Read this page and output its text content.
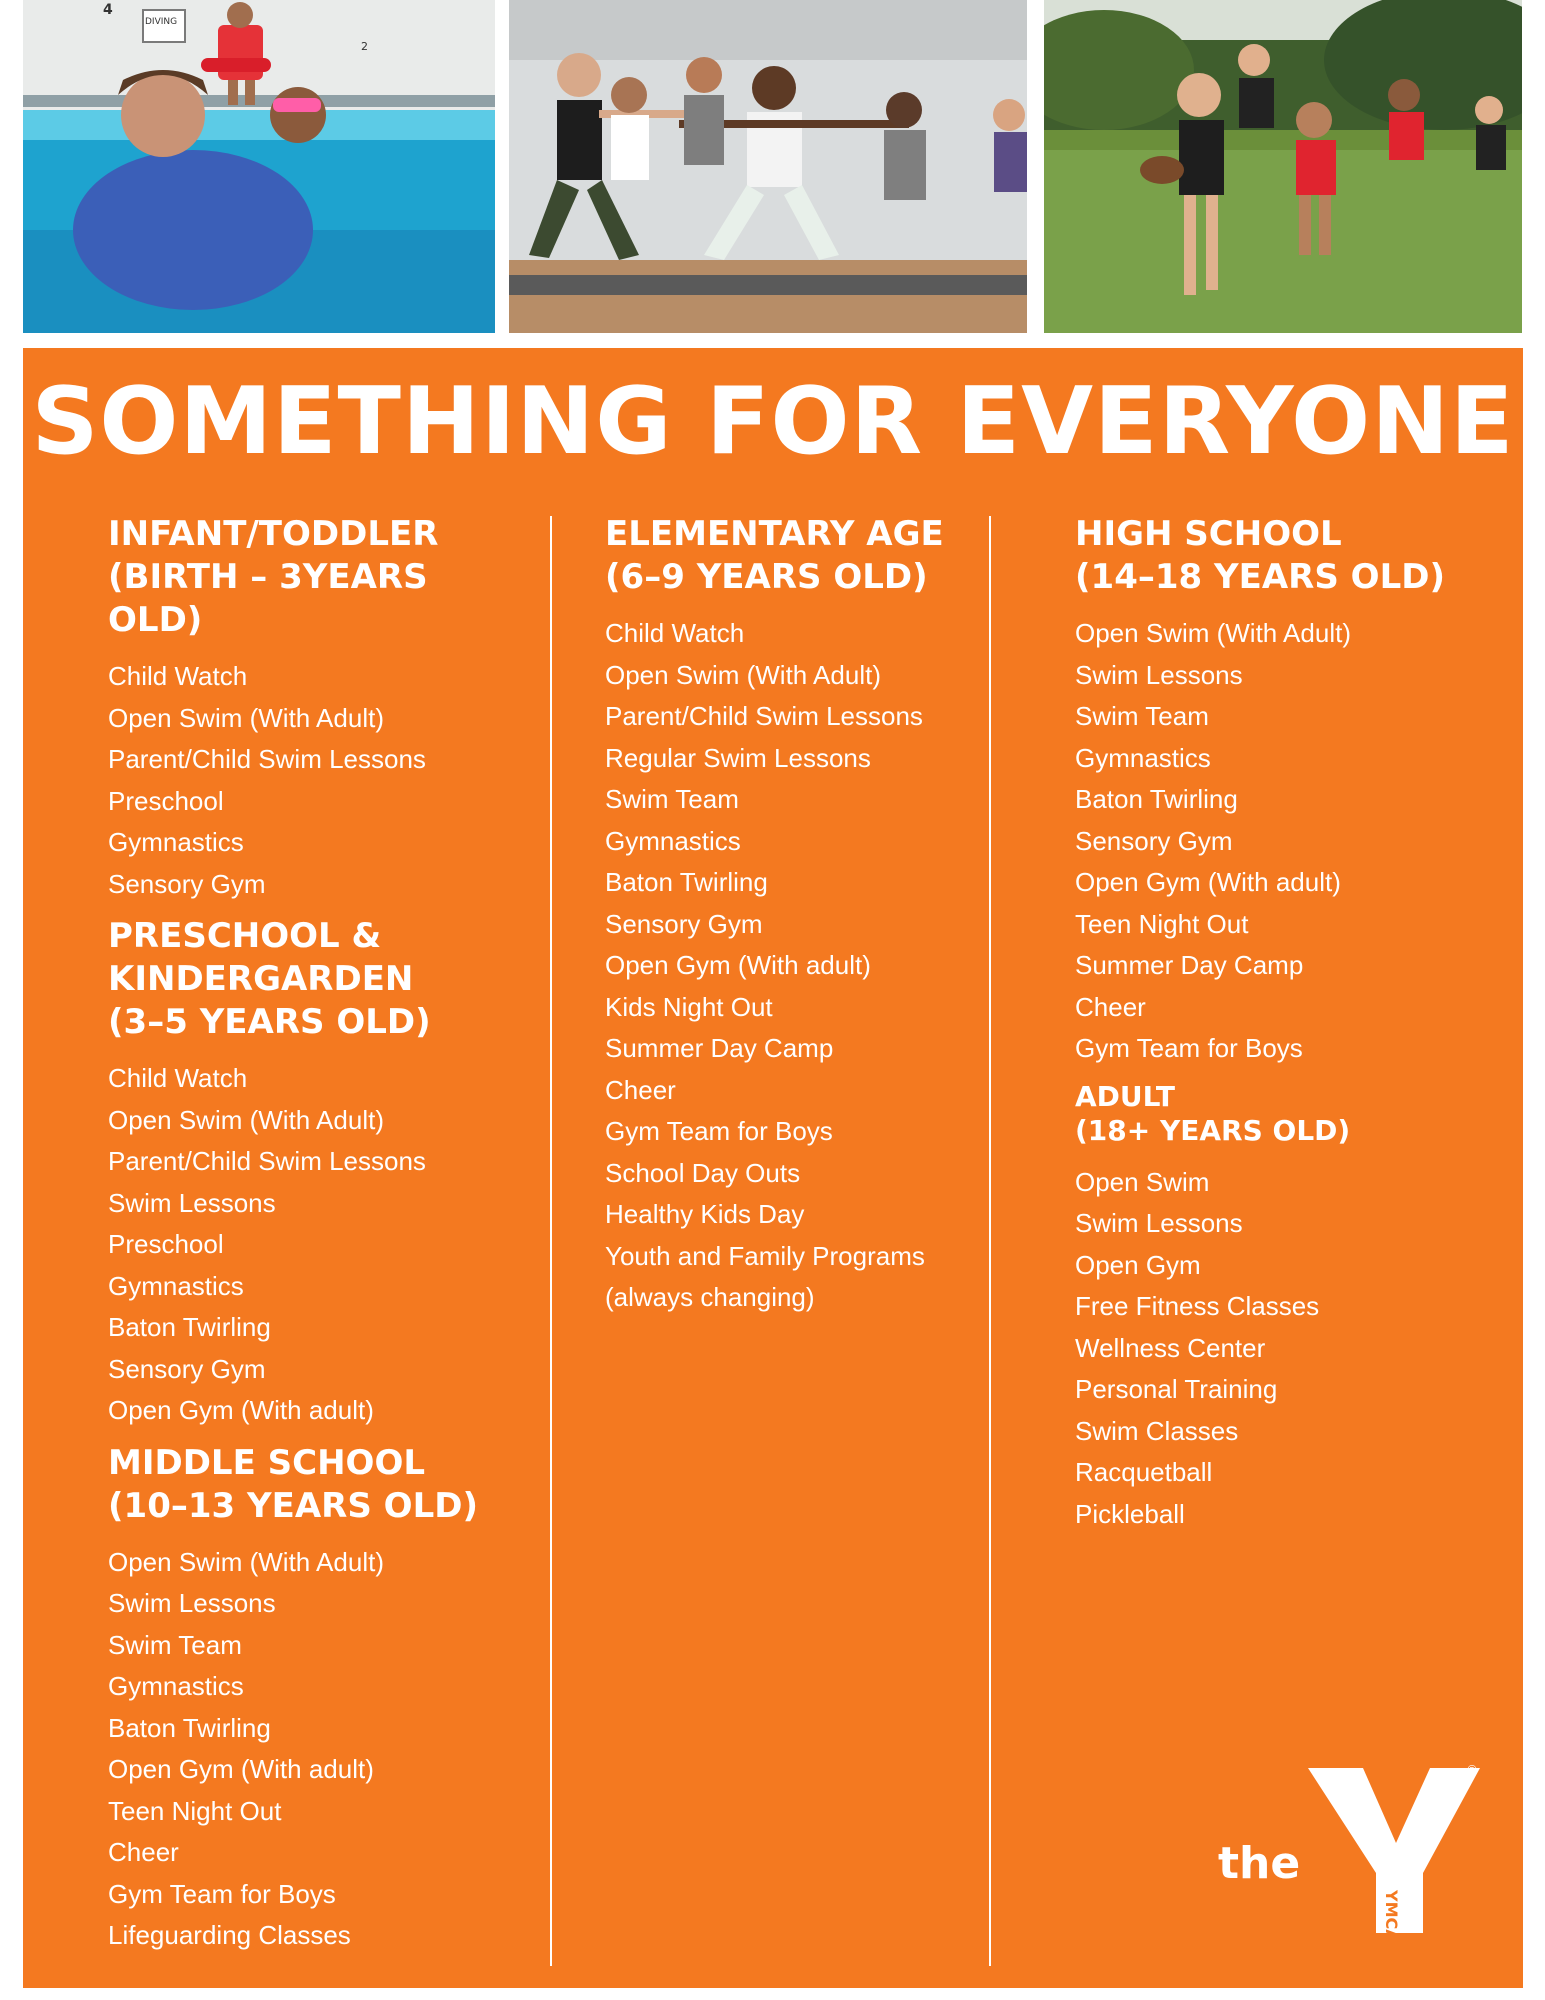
4
DIVING
2
SOMETHING FOR EVERYONE
INFANT/TODDLER
(BIRTH – 3YEARS OLD)
Child Watch
Open Swim (With Adult)
Parent/Child Swim Lessons
Preschool
Gymnastics
Sensory Gym
PRESCHOOL &
KINDERGARDEN
(3–5 YEARS OLD)
Child Watch
Open Swim (With Adult)
Parent/Child Swim Lessons
Swim Lessons
Preschool
Gymnastics
Baton Twirling
Sensory Gym
Open Gym (With adult)
MIDDLE SCHOOL
(10–13 YEARS OLD)
Open Swim (With Adult)
Swim Lessons
Swim Team
Gymnastics
Baton Twirling
Open Gym (With adult)
Teen Night Out
Cheer
Gym Team for Boys
Lifeguarding Classes
ELEMENTARY AGE
(6–9 YEARS OLD)
Child Watch
Open Swim (With Adult)
Parent/Child Swim Lessons
Regular Swim Lessons
Swim Team
Gymnastics
Baton Twirling
Sensory Gym
Open Gym (With adult)
Kids Night Out
Summer Day Camp
Cheer
Gym Team for Boys
School Day Outs
Healthy Kids Day
Youth and Family Programs
(always changing)
HIGH SCHOOL
(14–18 YEARS OLD)
Open Swim (With Adult)
Swim Lessons
Swim Team
Gymnastics
Baton Twirling
Sensory Gym
Open Gym (With adult)
Teen Night Out
Summer Day Camp
Cheer
Gym Team for Boys
ADULT
(18+ YEARS OLD)
Open Swim
Swim Lessons
Open Gym
Free Fitness Classes
Wellness Center
Personal Training
Swim Classes
Racquetball
Pickleball
the
®
YMCA
